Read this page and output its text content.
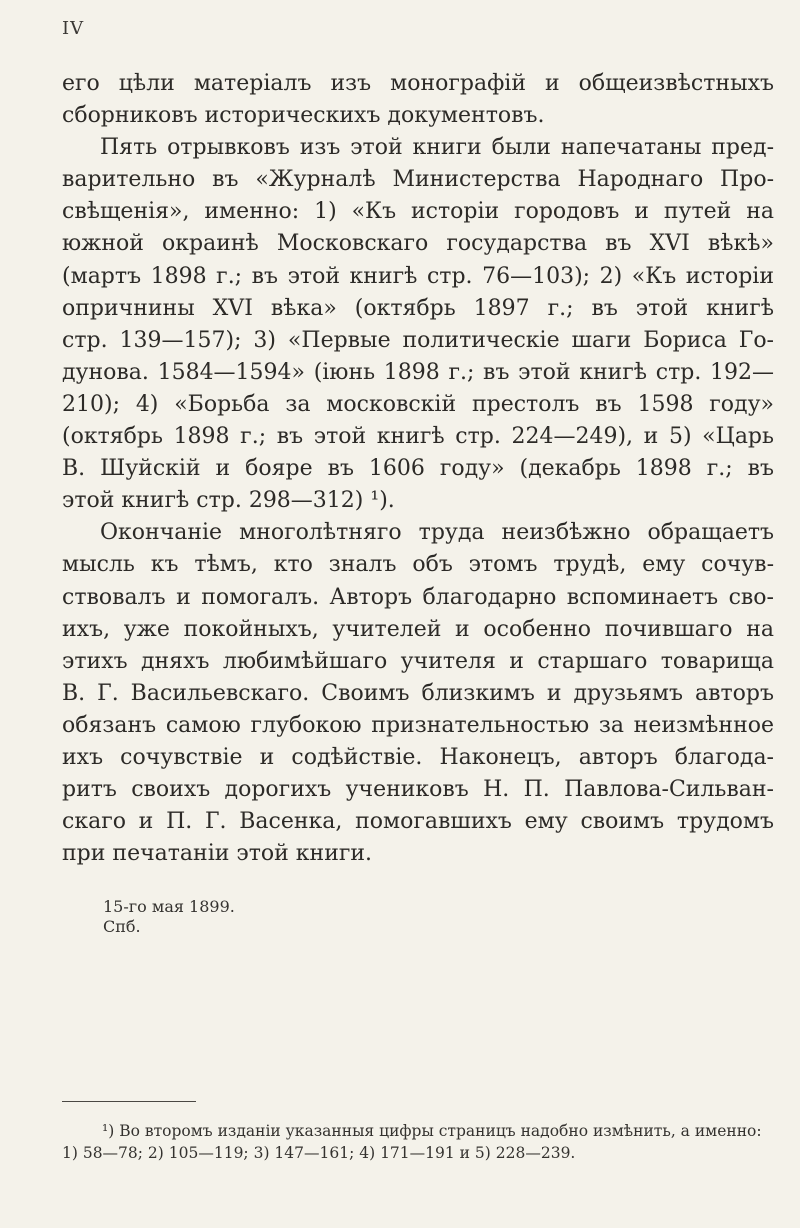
IV
его цѣли матеріалъ изъ монографій и общеизвѣстныхъ
сборниковъ историческихъ документовъ.
Пять отрывковъ изъ этой книги были напечатаны пред-
варительно въ «Журналѣ Министерства Народнаго Про-
свѣщенія», именно: 1) «Къ исторіи городовъ и путей на
южной окраинѣ Московскаго государства въ XVI вѣкѣ»
(мартъ 1898 г.; въ этой книгѣ стр. 76—103); 2) «Къ исторіи
опричнины XVI вѣка» (октябрь 1897 г.; въ этой книгѣ
стр. 139—157); 3) «Первые политическіе шаги Бориса Го-
дунова. 1584—1594» (іюнь 1898 г.; въ этой книгѣ стр. 192—
210); 4) «Борьба за московскій престолъ въ 1598 году»
(октябрь 1898 г.; въ этой книгѣ стр. 224—249), и 5) «Царь
В. Шуйскій и бояре въ 1606 году» (декабрь 1898 г.; въ
этой книгѣ стр. 298—312) ¹).
Окончаніе многолѣтняго труда неизбѣжно обращаетъ
мысль къ тѣмъ, кто зналъ объ этомъ трудѣ, ему сочув-
ствовалъ и помогалъ. Авторъ благодарно вспоминаетъ сво-
ихъ, уже покойныхъ, учителей и особенно почившаго на
этихъ дняхъ любимѣйшаго учителя и старшаго товарища
В. Г. Васильевскаго. Своимъ близкимъ и друзьямъ авторъ
обязанъ самою глубокою признательностью за неизмѣнное
ихъ сочувствіе и содѣйствіе. Наконецъ, авторъ благода-
ритъ своихъ дорогихъ учениковъ Н. П. Павлова-Сильван-
скаго и П. Г. Васенка, помогавшихъ ему своимъ трудомъ
при печатаніи этой книги.
15-го мая 1899.
Спб.
¹) Во второмъ изданіи указанныя цифры страницъ надобно измѣнить, а именно:
1) 58—78; 2) 105—119; 3) 147—161; 4) 171—191 и 5) 228—239.
